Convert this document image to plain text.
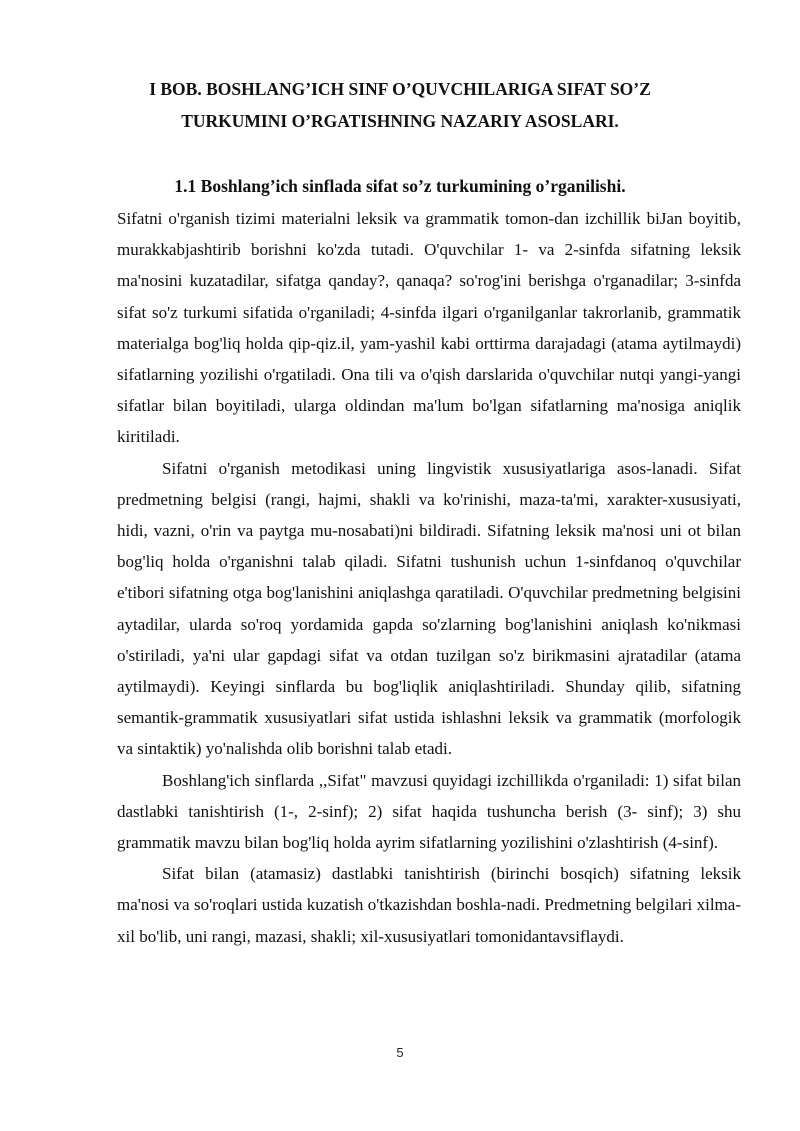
I BOB. BOSHLANG’ICH SINF O’QUVCHILARIGA SIFAT SO’Z
TURKUMINI O’RGATISHNING NAZARIY ASOSLARI.
1.1 Boshlang’ich sinflada sifat so’z turkumining o’rganilishi.

Sifatni o'rganish tizimi materialni leksik va grammatik tomon-dan izchillik biJan boyitib, murakkabjashtirib borishni ko'zda tutadi. O'quvchilar 1- va 2-sinfda sifatning leksik ma'nosini kuzatadilar, sifatga qanday?, qanaqa? so'rog'ini berishga o'rganadilar; 3-sinfda sifat so'z turkumi sifatida o'rganiladi; 4-sinfda ilgari o'rganilganlar takrorlanib, grammatik materialga bog'liq holda qip-qiz.il, yam-yashil kabi orttirma darajadagi (atama aytilmaydi) sifatlarning yozilishi o'rgatiladi. Ona tili va o'qish darslarida o'quvchilar nutqi yangi-yangi sifatlar bilan boyitiladi, ularga oldindan ma'lum bo'lgan sifatlarning ma'nosiga aniqlik kiritiladi.

Sifatni o'rganish metodikasi uning lingvistik xususiyatlariga asos-lanadi. Sifat predmetning belgisi (rangi, hajmi, shakli va ko'rinishi, maza-ta'mi, xarakter-xususiyati, hidi, vazni, o'rin va paytga mu-nosabati)ni bildiradi. Sifatning leksik ma'nosi uni ot bilan bog'liq holda o'rganishni talab qiladi. Sifatni tushunish uchun 1-sinfdanoq o'quvchilar e'tibori sifatning otga bog'lanishini aniqlashga qaratiladi. O'quvchilar predmetning belgisini aytadilar, ularda so'roq yordamida gapda so'zlarning bog'lanishini aniqlash ko'nikmasi o'stiriladi, ya'ni ular gapdagi sifat va otdan tuzilgan so'z birikmasini ajratadilar (atama aytilmaydi). Keyingi sinflarda bu bog'liqlik aniqlashtiriladi. Shunday qilib, sifatning semantik-grammatik xususiyatlari sifat ustida ishlashni leksik va grammatik (morfologik va sintaktik) yo'nalishda olib borishni talab etadi.

Boshlang'ich sinflarda ,,Sifat" mavzusi quyidagi izchillikda o'rganiladi: 1) sifat bilan dastlabki tanishtirish (1-, 2-sinf); 2) sifat haqida tushuncha berish (3- sinf); 3) shu grammatik mavzu bilan bog'liq holda ayrim sifatlarning yozilishini o'zlashtirish (4-sinf).

Sifat bilan (atamasiz) dastlabki tanishtirish (birinchi bosqich) sifatning leksik ma'nosi va so'roqlari ustida kuzatish o'tkazishdan boshla-nadi. Predmetning belgilari xilma-xil bo'lib, uni rangi, mazasi, shakli; xil-xususiyatlari tomonidantavsiflaydi.

5
